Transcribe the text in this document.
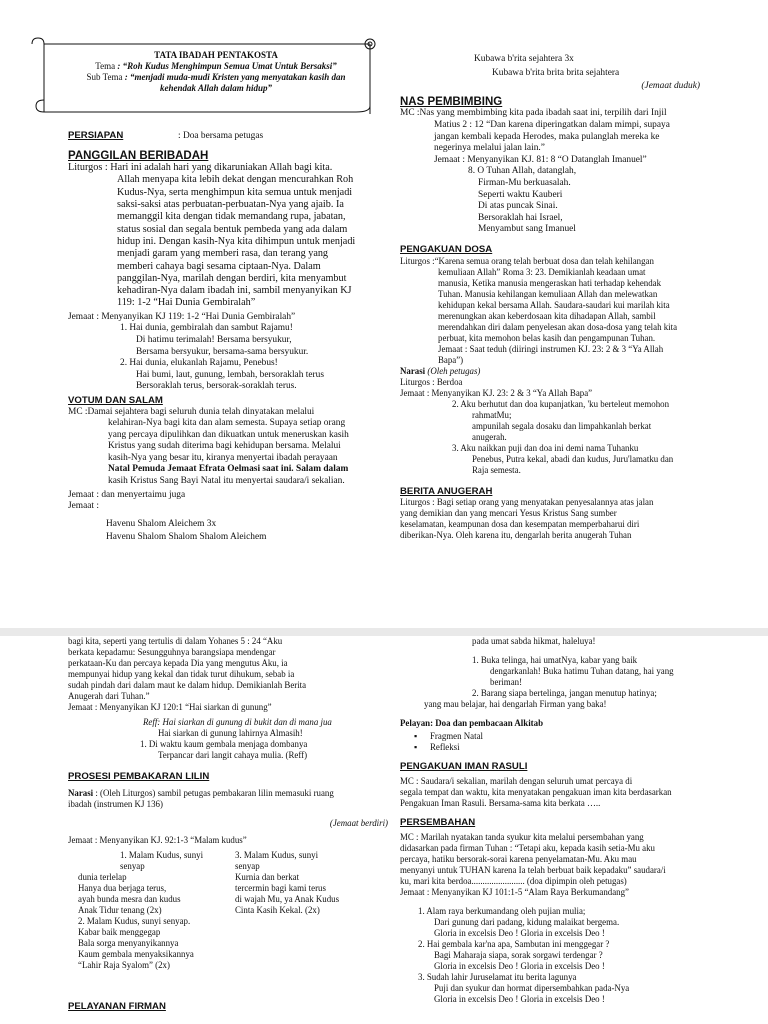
TATA IBADAH PENTAKOSTA
Tema : “Roh Kudus Menghimpun Semua Umat Untuk Bersaksi”
Sub Tema : “menjadi muda-mudi Kristen yang menyatakan kasih dan
kehendak Allah dalam hidup”

PERSIAPAN	: Doa bersama petugas

PANGGILAN BERIBADAH

Liturgos : Hari ini adalah hari yang dikaruniakan Allah bagi kita.

Allah menyapa kita lebih dekat dengan mencurahkan Roh

Kudus-Nya, serta menghimpun kita semua untuk menjadi

saksi-saksi atas perbuatan-perbuatan-Nya yang ajaib. Ia

memanggil kita dengan tidak memandang rupa, jabatan,

status sosial dan segala bentuk pembeda yang ada dalam

hidup ini. Dengan kasih-Nya kita dihimpun untuk menjadi

menjadi garam yang memberi rasa, dan terang yang

memberi cahaya bagi sesama ciptaan-Nya. Dalam

panggilan-Nya, marilah dengan berdiri, kita menyambut

kehadiran-Nya dalam ibadah ini, sambil menyanyikan KJ

119: 1-2 “Hai Dunia Gembiralah”

Jemaat : Menyanyikan KJ 119: 1-2 “Hai Dunia Gembiralah”

1. Hai dunia, gembiralah dan sambut Rajamu!

Di hatimu terimalah! Bersama bersyukur,

Bersama bersyukur, bersama-sama bersyukur.

2. Hai dunia, elukanlah Rajamu, Penebus!

Hai bumi, laut, gunung, lembah, bersoraklah terus

Bersoraklah terus, bersorak-soraklah terus.

VOTUM DAN SALAM

MC :Damai sejahtera bagi seluruh dunia telah dinyatakan melalui

kelahiran-Nya bagi kita dan alam semesta. Supaya setiap orang

yang percaya dipulihkan dan dikuatkan untuk meneruskan kasih

Kristus yang sudah diterima bagi kehidupan bersama. Melalui

kasih-Nya yang besar itu, kiranya menyertai ibadah perayaan

Natal Pemuda Jemaat Efrata Oelmasi saat ini. Salam dalam

kasih Kristus Sang Bayi Natal itu menyertai saudara/i sekalian.

Jemaat : dan menyertaimu juga

Jemaat :

Havenu Shalom Aleichem 3x

Havenu Shalom Shalom Shalom Aleichem

Kubawa b'rita sejahtera 3x

Kubawa b'rita brita brita sejahtera

(Jemaat duduk)

NAS PEMBIMBING

MC :Nas yang membimbing kita pada ibadah saat ini, terpilih dari Injil

Matius 2 : 12 “Dan karena diperingatkan dalam mimpi, supaya

jangan kembali kepada Herodes, maka pulanglah mereka ke

negerinya melalui jalan lain.”

Jemaat : Menyanyikan KJ. 81: 8 “O Datanglah Imanuel”

8. O Tuhan Allah, datanglah,

Firman-Mu berkuasalah.

Seperti waktu Kauberi

Di atas puncak Sinai.

Bersoraklah hai Israel,

Menyambut sang Imanuel

PENGAKUAN DOSA

Liturgos :“Karena semua orang telah berbuat dosa dan telah kehilangan

kemuliaan Allah” Roma 3: 23. Demikianlah keadaan umat

manusia, Ketika manusia mengeraskan hati terhadap kehendak

Tuhan. Manusia kehilangan kemuliaan Allah dan melewatkan

kehidupan kekal bersama Allah. Saudara-saudari kui marilah kita

merenungkan akan keberdosaan kita dihadapan Allah, sambil

merendahkan diri dalam penyelesan akan dosa-dosa yang telah kita

perbuat, kita memohon belas kasih dan pengampunan Tuhan.

Jemaat : Saat teduh (diiringi instrumen KJ. 23: 2 & 3 “Ya Allah

Bapa”)

Narasi (Oleh petugas)

Liturgos : Berdoa

Jemaat : Menyanyikan KJ. 23: 2 & 3 “Ya Allah Bapa”

2. Aku berhutut dan doa kupanjatkan, 'ku berteleut memohon

rahmatMu;

ampunilah segala dosaku dan limpahkanlah berkat

anugerah.

3. Aku naikkan puji dan doa ini demi nama Tuhanku

Penebus, Putra kekal, abadi dan kudus, Juru'lamatku dan

Raja semesta.

BERITA ANUGERAH

Liturgos : Bagi setiap orang yang menyatakan penyesalannya atas jalan

yang demikian dan yang mencari Yesus Kristus Sang sumber

keselamatan, keampunan dosa dan kesempatan memperbaharui diri

diberikan-Nya. Oleh karena itu, dengarlah berita anugerah Tuhan

bagi kita, seperti yang tertulis di dalam Yohanes 5 : 24 “Aku

berkata kepadamu: Sesungguhnya barangsiapa mendengar

perkataan-Ku dan percaya kepada Dia yang mengutus Aku, ia

mempunyai hidup yang kekal dan tidak turut dihukum, sebab ia

sudah pindah dari dalam maut ke dalam hidup. Demikianlah Berita

Anugerah dari Tuhan.”

Jemaat : Menyanyikan KJ 120:1 “Hai siarkan di gunung”

Reff: Hai siarkan di gunung di bukit dan di mana jua

Hai siarkan di gunung lahirnya Almasih!

1. Di waktu kaum gembala menjaga dombanya

Terpancar dari langit cahaya mulia. (Reff)

PROSESI PEMBAKARAN LILIN

Narasi : (Oleh Liturgos) sambil petugas pembakaran lilin memasuki ruang

ibadah (instrumen KJ 136)

(Jemaat berdiri)

Jemaat : Menyanyikan KJ. 92:1-3 “Malam kudus”

1. Malam Kudus, sunyi senyap

dunia terlelap

Hanya dua berjaga terus,

ayah bunda mesra dan kudus

Anak Tidur tenang (2x)

2. Malam Kudus, sunyi senyap.

Kabar baik menggegap

Bala sorga menyanyikannya

Kaum gembala menyaksikannya

“Lahir Raja Syalom” (2x)

3. Malam Kudus, sunyi

senyap

Kurnia dan berkat

tercermin bagi kami terus

di wajah Mu, ya Anak Kudus

Cinta Kasih Kekal. (2x)

PELAYANAN FIRMAN

pada umat sabda hikmat, haleluya!

1. Buka telinga, hai umatNya, kabar yang baik

dengarkanlah! Buka hatimu Tuhan datang, hai yang

beriman!

2. Barang siapa bertelinga, jangan menutup hatinya;

yang mau belajar, hai dengarlah Firman yang baka!

Pelayan: Doa dan pembacaan Alkitab

▪ Fragmen Natal
▪ Refleksi

PENGAKUAN IMAN RASULI

MC : Saudara/i sekalian, marilah dengan seluruh umat percaya di

segala tempat dan waktu, kita menyatakan pengakuan iman kita berdasarkan

Pengakuan Iman Rasuli. Bersama-sama kita berkata …..

PERSEMBAHAN

MC : Marilah nyatakan tanda syukur kita melalui persembahan yang

didasarkan pada firman Tuhan : “Tetapi aku, kepada kasih setia-Mu aku

percaya, hatiku bersorak-sorai karena penyelamatan-Mu. Aku mau

menyanyi untuk TUHAN karena Ia telah berbuat baik kepadaku” saudara/i

ku, mari kita berdoa........................ (doa dipimpin oleh petugas)

Jemaat : Menyanyikan KJ 101:1-5 “Alam Raya Berkumandang”

1. Alam raya berkumandang oleh pujian mulia;

Dari gunung dari padang, kidung malaikat bergema.

Gloria in excelsis Deo ! Gloria in excelsis Deo !

2. Hai gembala kar'na apa, Sambutan ini menggegar ?

Bagi Maharaja siapa, sorak sorgawi terdengar ?

Gloria in excelsis Deo ! Gloria in excelsis Deo !

3. Sudah lahir Juruselamat itu berita lagunya

Puji dan syukur dan hormat dipersembahkan pada-Nya

Gloria in excelsis Deo ! Gloria in excelsis Deo !
